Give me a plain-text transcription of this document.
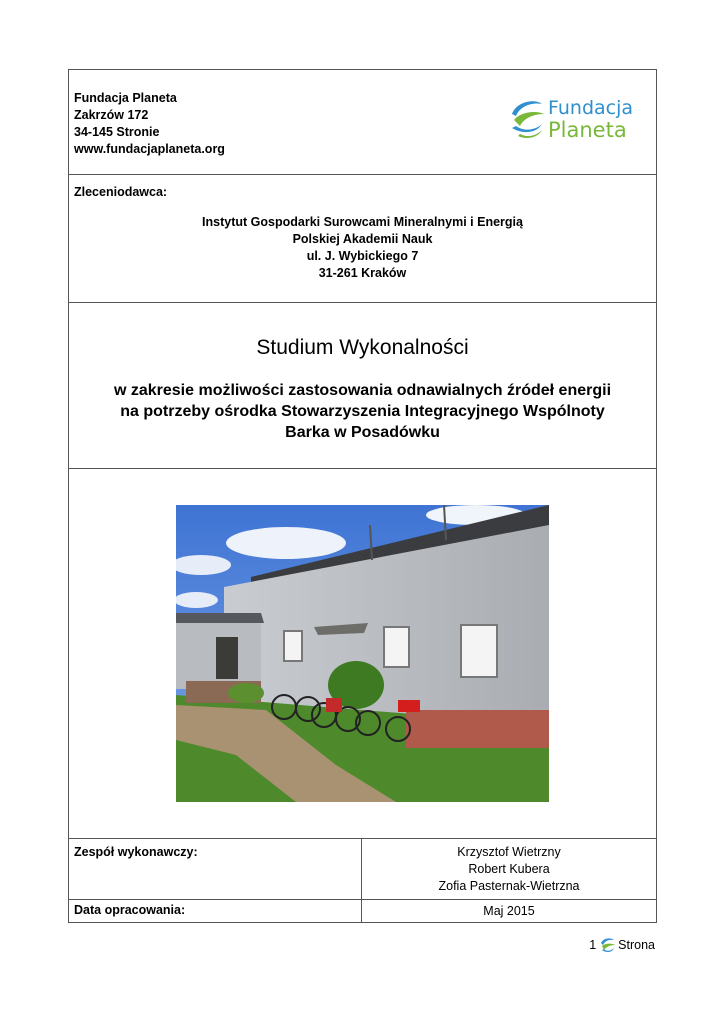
Fundacja Planeta
Zakrzów 172
34-145 Stronie
www.fundacjaplaneta.org
Fundacja
Planeta
Zleceniodawca:
Instytut Gospodarki Surowcami Mineralnymi i Energią
Polskiej Akademii Nauk
ul. J. Wybickiego 7
31-261 Kraków
Studium Wykonalności
w zakresie możliwości zastosowania odnawialnych źródeł energii
na potrzeby ośrodka Stowarzyszenia Integracyjnego Wspólnoty
Barka w Posadówku
Zespół wykonawczy:	Krzysztof Wietrzny
Robert Kubera
Zofia Pasternak-Wietrzna
Data opracowania:	Maj 2015
1 Strona
